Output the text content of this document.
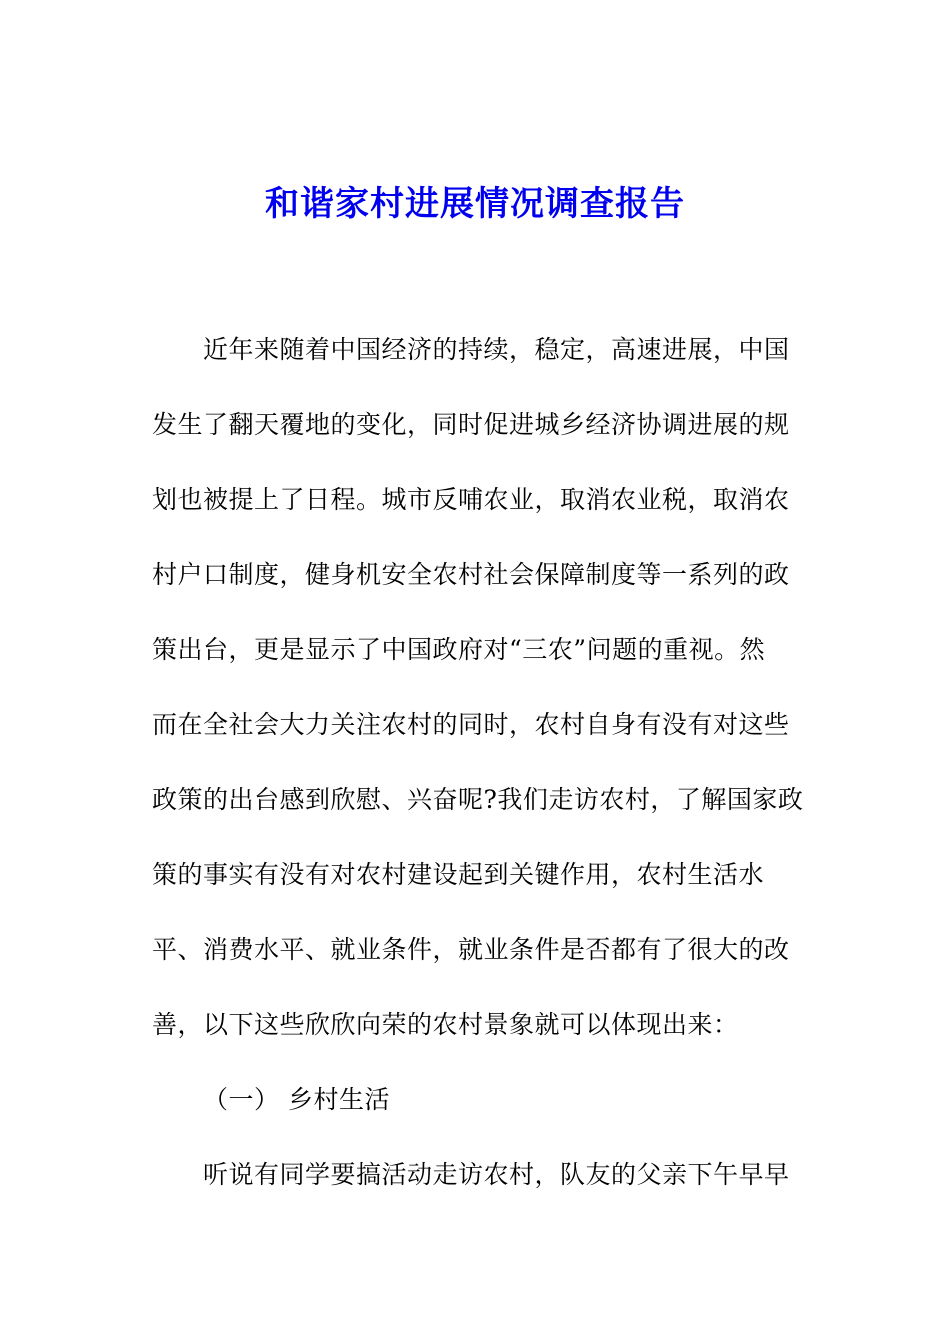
和谐家村进展情况调查报告
近年来随着中国经济的持续，稳定，高速进展，中国
发生了翻天覆地的变化，同时促进城乡经济协调进展的规
划也被提上了日程。城市反哺农业，取消农业税，取消农
村户口制度，健身机安全农村社会保障制度等一系列的政
策出台，更是显示了中国政府对“三农”问题的重视。然
而在全社会大力关注农村的同时，农村自身有没有对这些
政策的出台感到欣慰、兴奋呢?我们走访农村，了解国家政
策的事实有没有对农村建设起到关键作用，农村生活水
平、消费水平、就业条件，就业条件是否都有了很大的改
善，以下这些欣欣向荣的农村景象就可以体现出来：
（一） 乡村生活
听说有同学要搞活动走访农村，队友的父亲下午早早
